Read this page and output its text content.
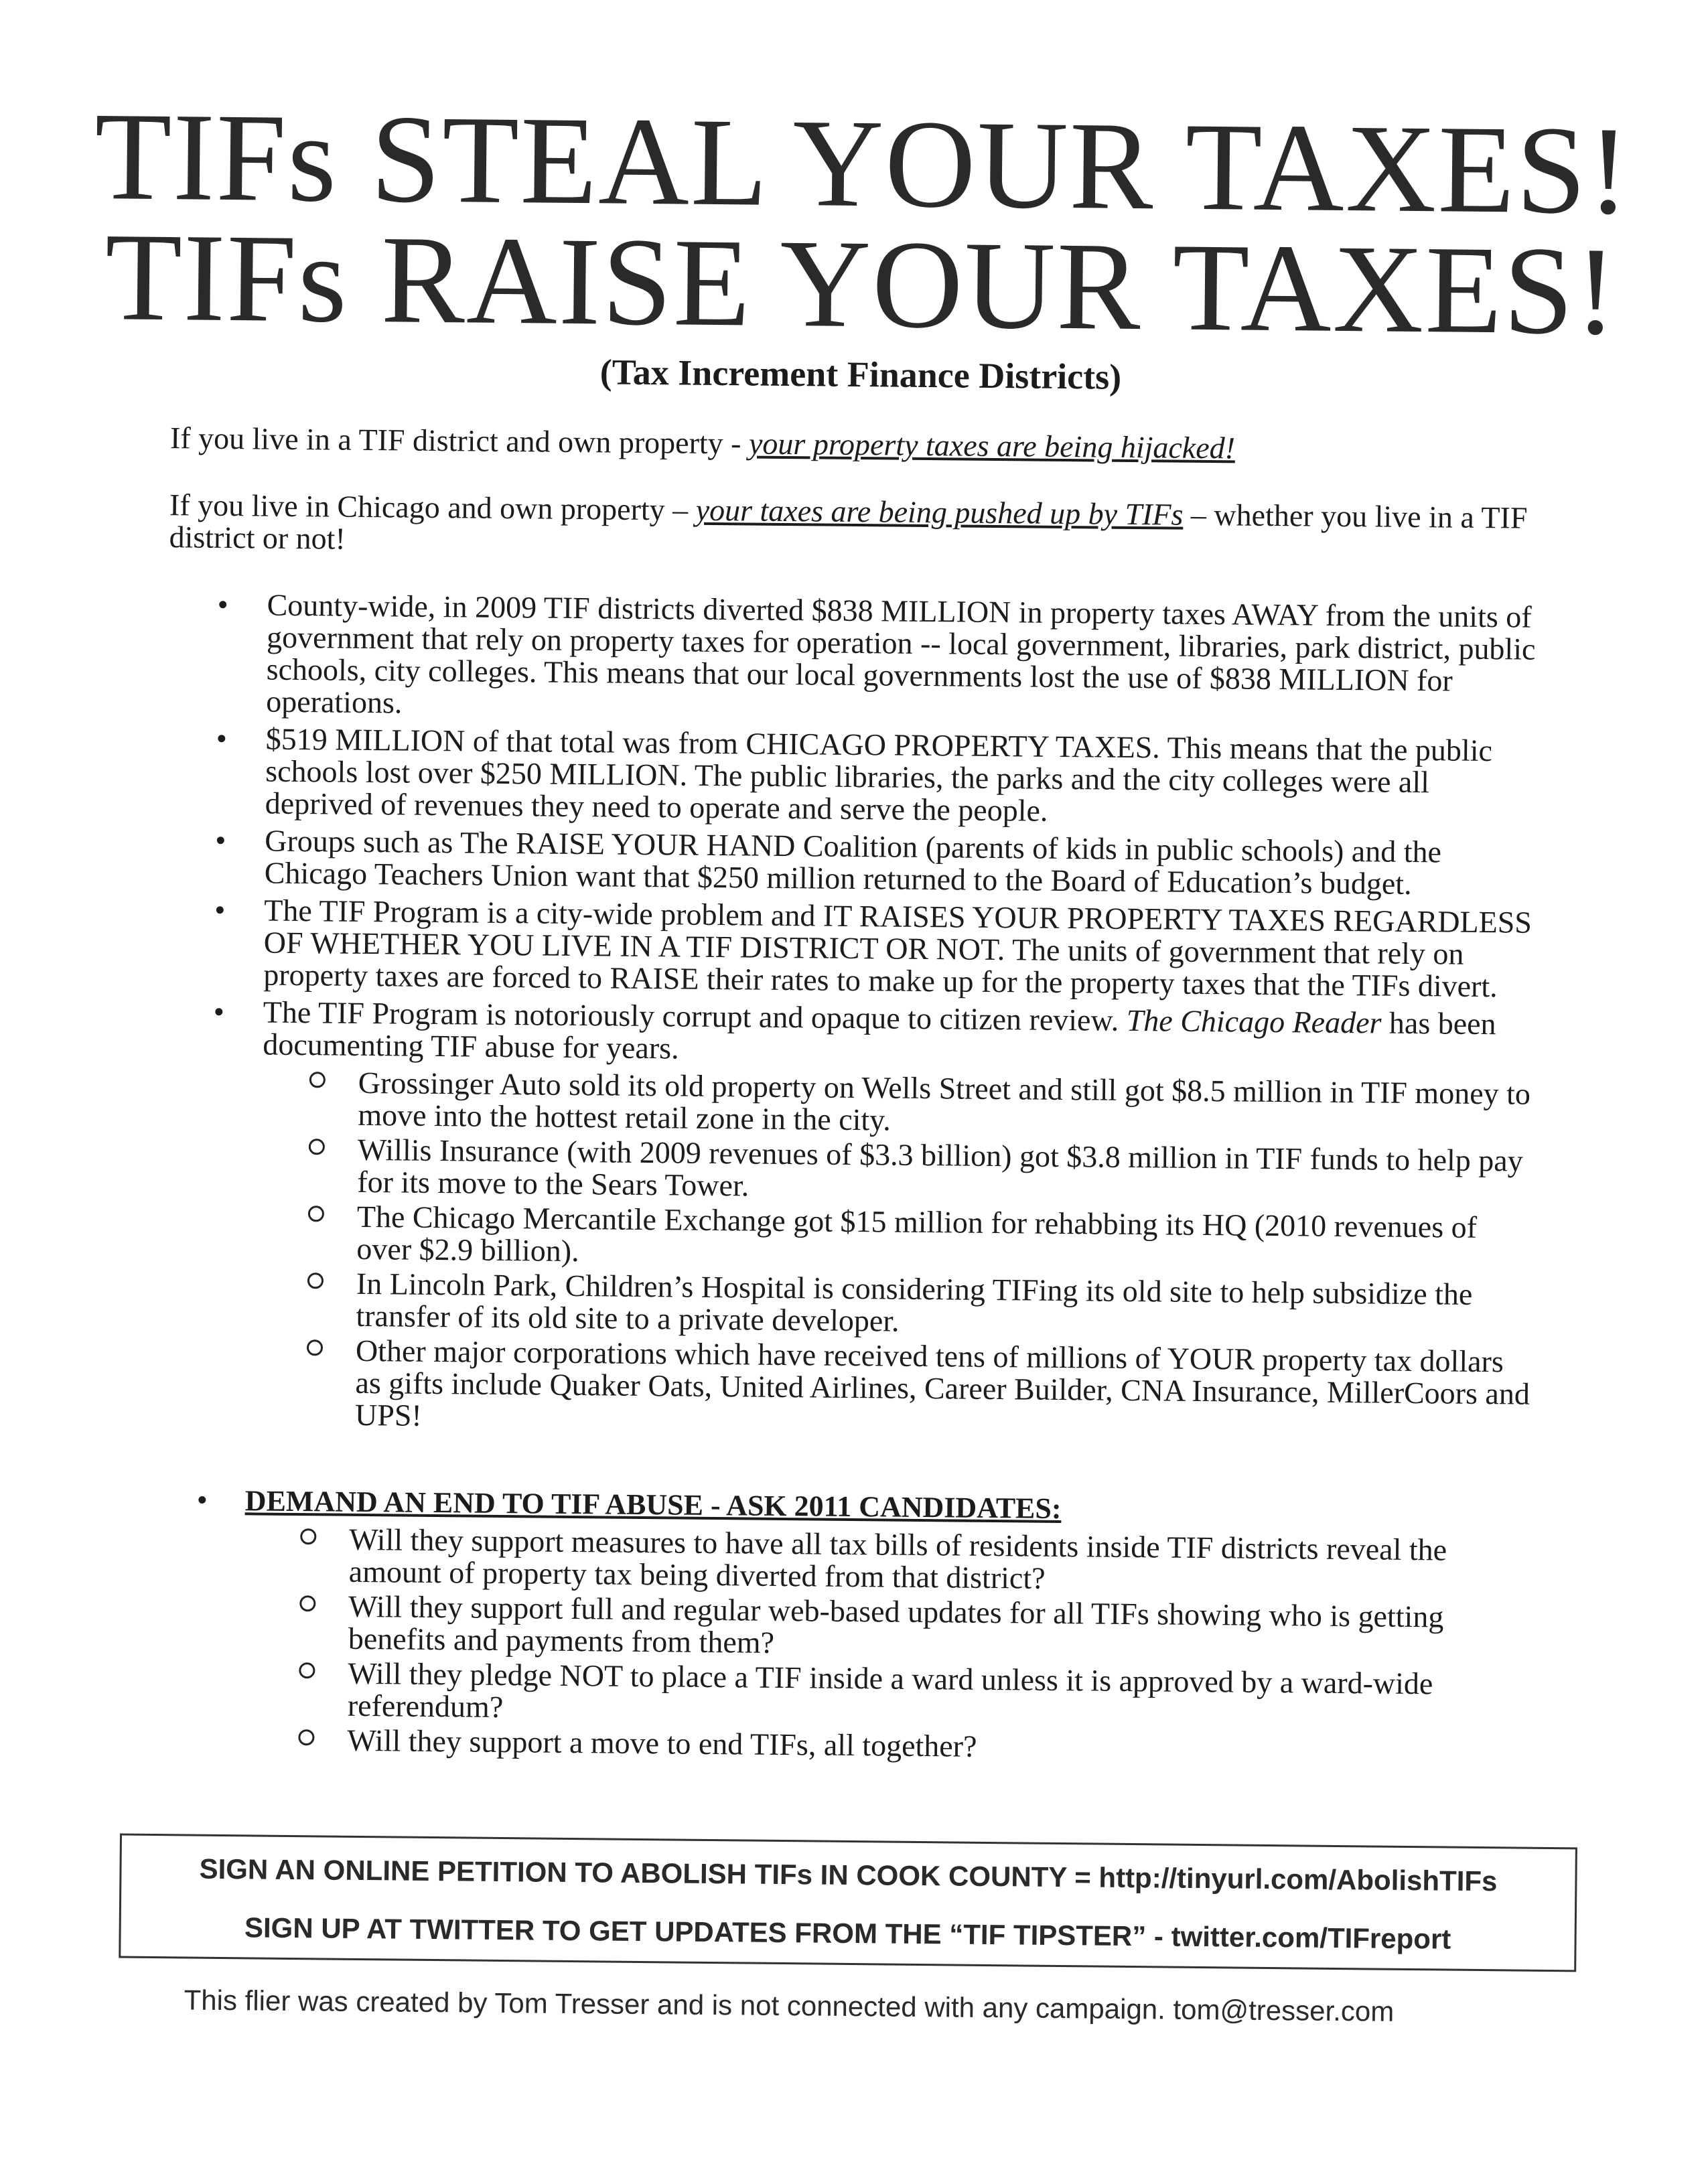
TIFs STEAL YOUR TAXES!
TIFs RAISE YOUR TAXES!

(Tax Increment Finance Districts)

If you live in a TIF district and own property - your property taxes are being hijacked!

If you live in Chicago and own property – your taxes are being pushed up by TIFs – whether you live in a TIF district or not!

• County-wide, in 2009 TIF districts diverted $838 MILLION in property taxes AWAY from the units of government that rely on property taxes for operation -- local government, libraries, park district, public schools, city colleges. This means that our local governments lost the use of $838 MILLION for operations.
• $519 MILLION of that total was from CHICAGO PROPERTY TAXES. This means that the public schools lost over $250 MILLION. The public libraries, the parks and the city colleges were all deprived of revenues they need to operate and serve the people.
• Groups such as The RAISE YOUR HAND Coalition (parents of kids in public schools) and the Chicago Teachers Union want that $250 million returned to the Board of Education’s budget.
• The TIF Program is a city-wide problem and IT RAISES YOUR PROPERTY TAXES REGARDLESS OF WHETHER YOU LIVE IN A TIF DISTRICT OR NOT. The units of government that rely on property taxes are forced to RAISE their rates to make up for the property taxes that the TIFs divert.
• The TIF Program is notoriously corrupt and opaque to citizen review. The Chicago Reader has been documenting TIF abuse for years.
Grossinger Auto sold its old property on Wells Street and still got $8.5 million in TIF money to move into the hottest retail zone in the city.
Willis Insurance (with 2009 revenues of $3.3 billion) got $3.8 million in TIF funds to help pay for its move to the Sears Tower.
The Chicago Mercantile Exchange got $15 million for rehabbing its HQ (2010 revenues of over $2.9 billion).
In Lincoln Park, Children’s Hospital is considering TIFing its old site to help subsidize the transfer of its old site to a private developer.
Other major corporations which have received tens of millions of YOUR property tax dollars as gifts include Quaker Oats, United Airlines, Career Builder, CNA Insurance, MillerCoors and UPS!
• DEMAND AN END TO TIF ABUSE - ASK 2011 CANDIDATES:
Will they support measures to have all tax bills of residents inside TIF districts reveal the amount of property tax being diverted from that district?
Will they support full and regular web-based updates for all TIFs showing who is getting benefits and payments from them?
Will they pledge NOT to place a TIF inside a ward unless it is approved by a ward-wide referendum?
Will they support a move to end TIFs, all together?

SIGN AN ONLINE PETITION TO ABOLISH TIFs IN COOK COUNTY = http://tinyurl.com/AbolishTIFs

SIGN UP AT TWITTER TO GET UPDATES FROM THE “TIF TIPSTER” - twitter.com/TIFreport

This flier was created by Tom Tresser and is not connected with any campaign. tom@tresser.com
